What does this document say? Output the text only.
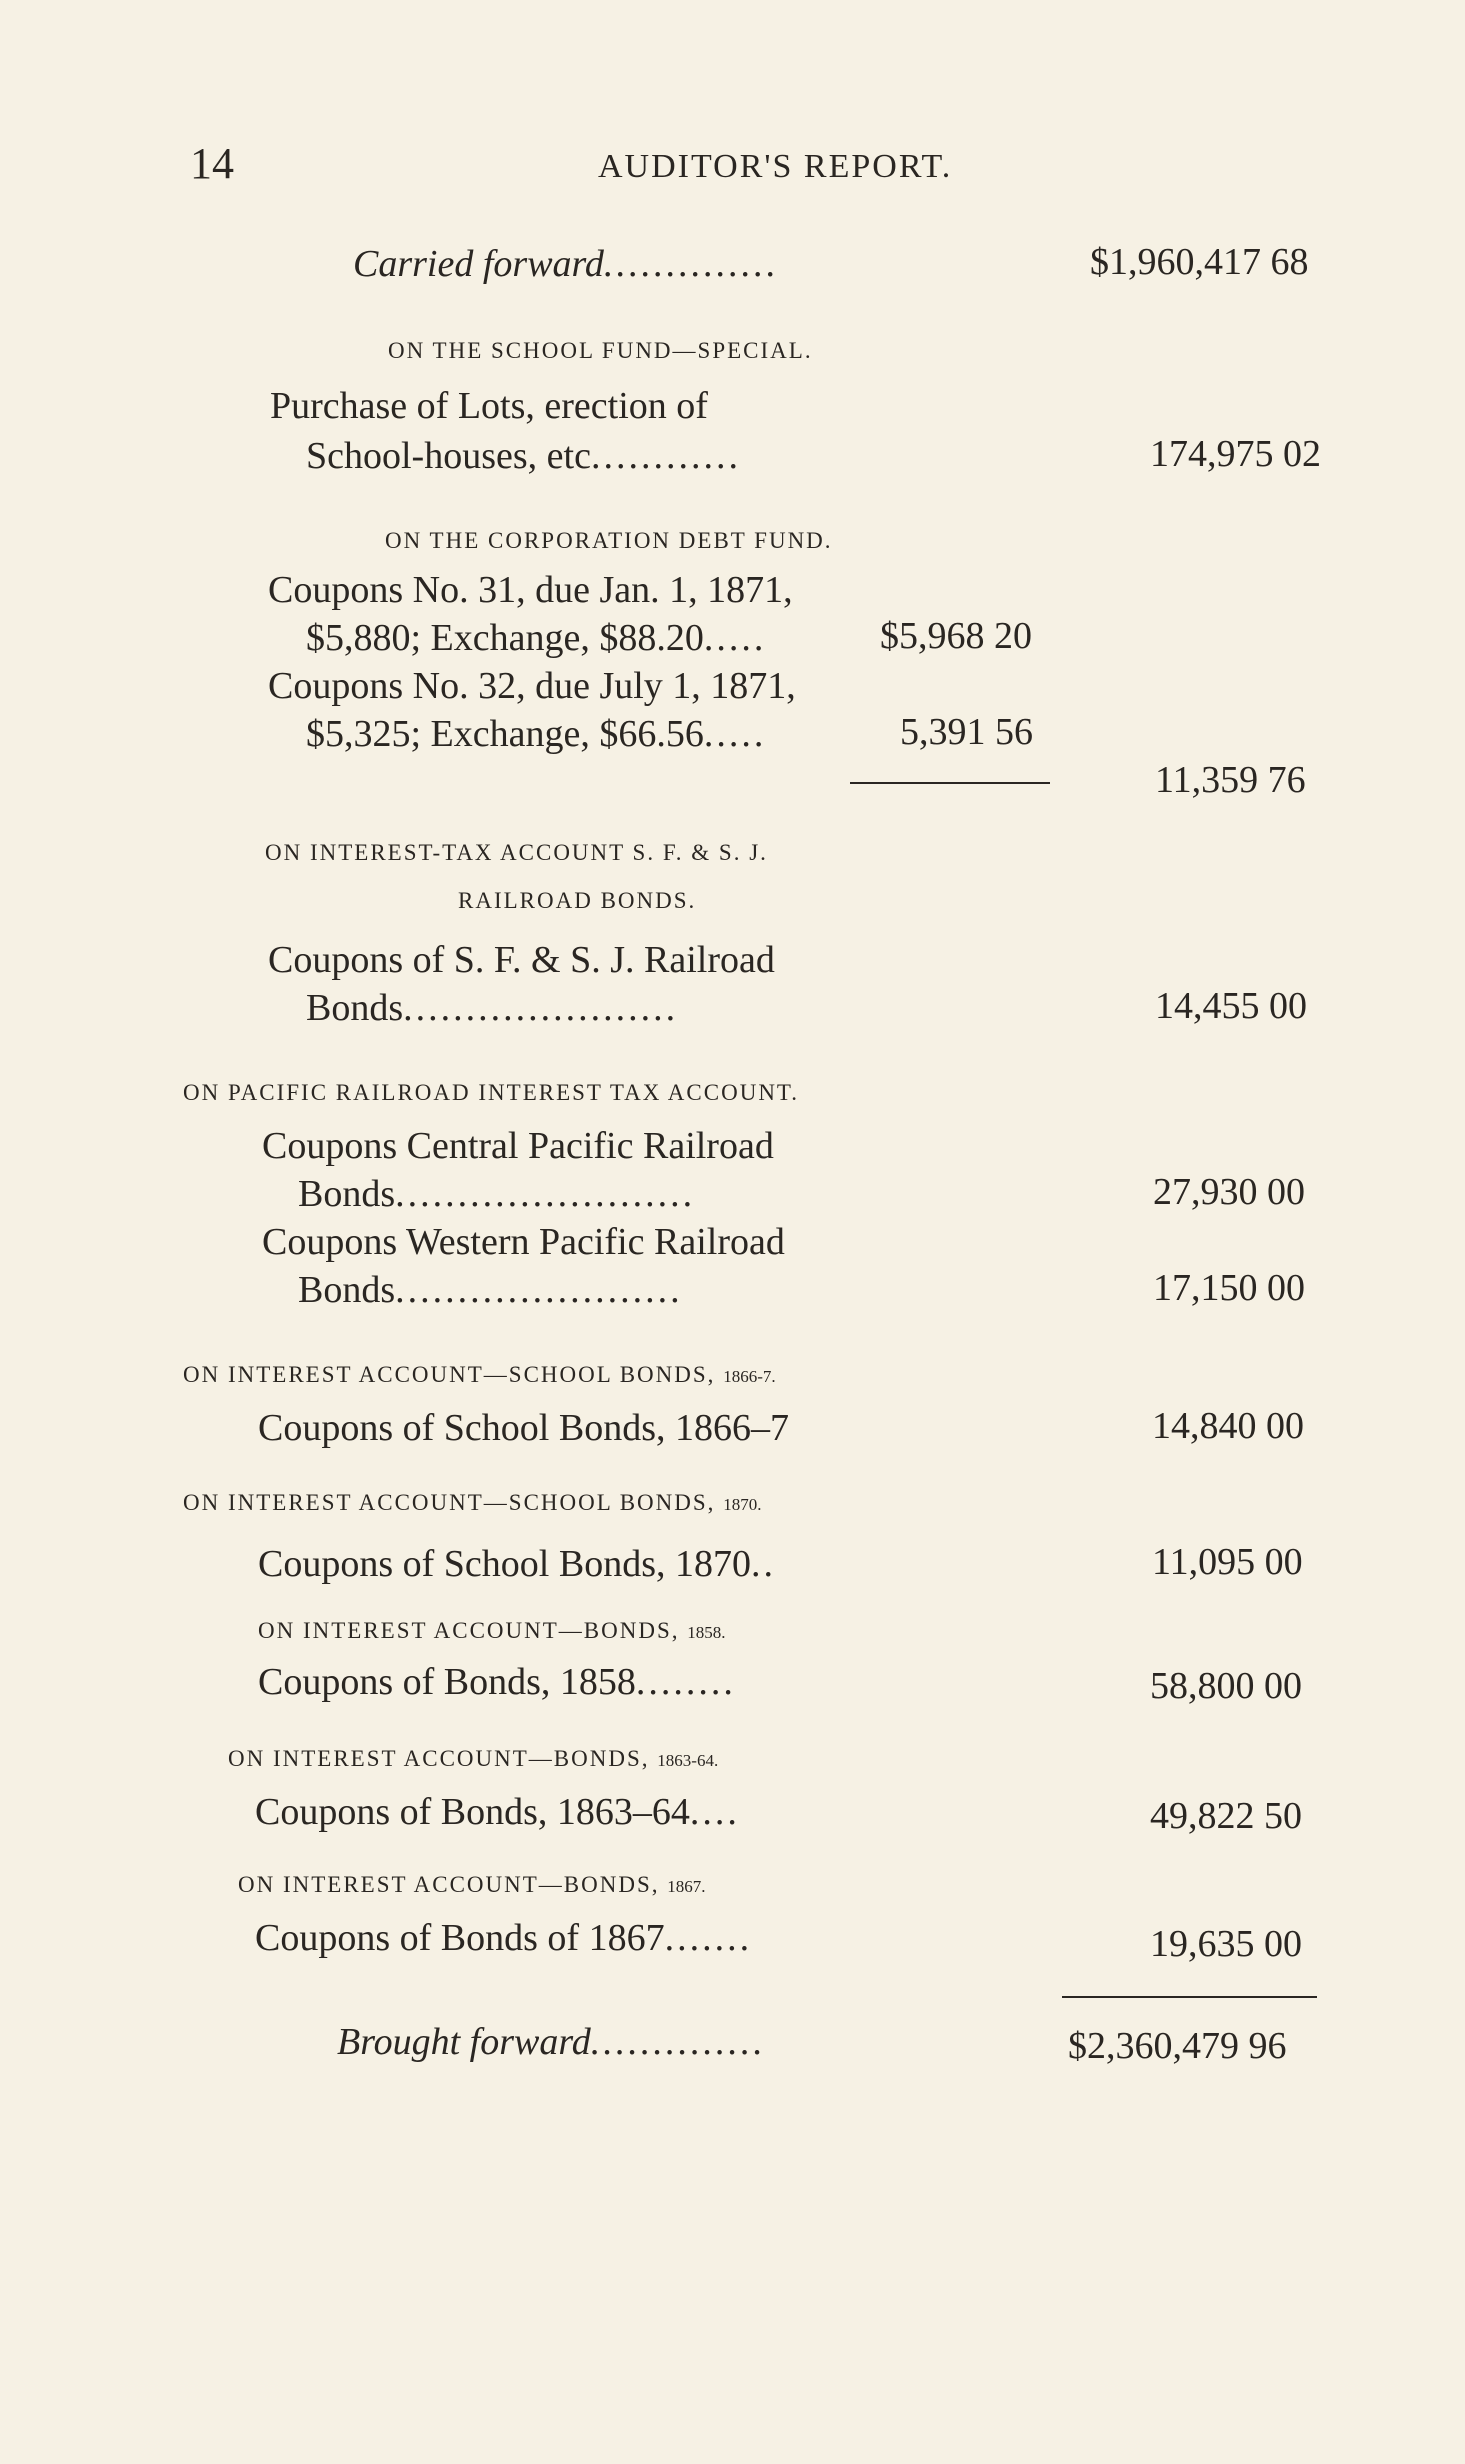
14	AUDITOR'S REPORT.
Carried forward..............	$1,960,417 68
ON THE SCHOOL FUND—SPECIAL.
Purchase of Lots, erection of
School-houses, etc............	174,975 02
ON THE CORPORATION DEBT FUND.
Coupons No. 31, due Jan. 1, 1871,
$5,880; Exchange, $88.20.....	$5,968 20
Coupons No. 32, due July 1, 1871,
$5,325; Exchange, $66.56.....	5,391 56
11,359 76
ON INTEREST-TAX ACCOUNT S. F. & S. J.
RAILROAD BONDS.
Coupons of S. F. & S. J. Railroad
Bonds......................	14,455 00
ON PACIFIC RAILROAD INTEREST TAX ACCOUNT.
Coupons Central Pacific Railroad
Bonds........................	27,930 00
Coupons Western Pacific Railroad
Bonds.......................	17,150 00
ON INTEREST ACCOUNT—SCHOOL BONDS, 1866-7.
Coupons of School Bonds, 1866–7	14,840 00
ON INTEREST ACCOUNT—SCHOOL BONDS, 1870.
Coupons of School Bonds, 1870..	11,095 00
ON INTEREST ACCOUNT—BONDS, 1858.
Coupons of Bonds, 1858........	58,800 00
ON INTEREST ACCOUNT—BONDS, 1863-64.
Coupons of Bonds, 1863–64....	49,822 50
ON INTEREST ACCOUNT—BONDS, 1867.
Coupons of Bonds of 1867.......	19,635 00
Brought forward..............	$2,360,479 96
